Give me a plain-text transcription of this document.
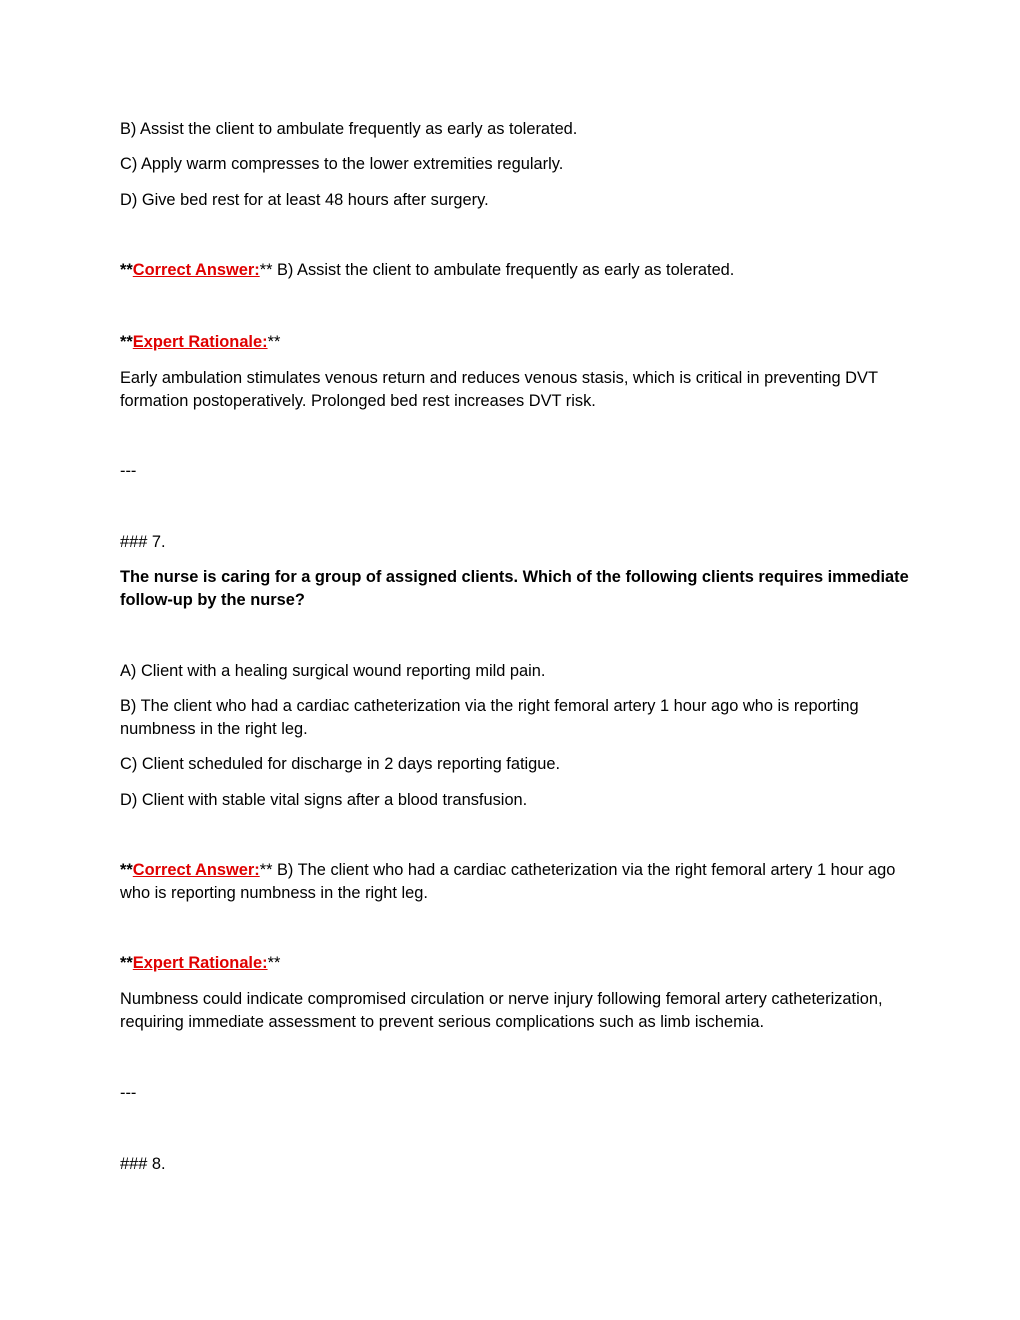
B) Assist the client to ambulate frequently as early as tolerated.

C) Apply warm compresses to the lower extremities regularly.

D) Give bed rest for at least 48 hours after surgery.

**Correct Answer:** B) Assist the client to ambulate frequently as early as tolerated.

**Expert Rationale:**

Early ambulation stimulates venous return and reduces venous stasis, which is critical in preventing DVT formation postoperatively. Prolonged bed rest increases DVT risk.

---

### 7.

The nurse is caring for a group of assigned clients. Which of the following clients requires immediate follow-up by the nurse?

A) Client with a healing surgical wound reporting mild pain.

B) The client who had a cardiac catheterization via the right femoral artery 1 hour ago who is reporting numbness in the right leg.

C) Client scheduled for discharge in 2 days reporting fatigue.

D) Client with stable vital signs after a blood transfusion.

**Correct Answer:** B) The client who had a cardiac catheterization via the right femoral artery 1 hour ago who is reporting numbness in the right leg.

**Expert Rationale:**

Numbness could indicate compromised circulation or nerve injury following femoral artery catheterization, requiring immediate assessment to prevent serious complications such as limb ischemia.

---

### 8.
